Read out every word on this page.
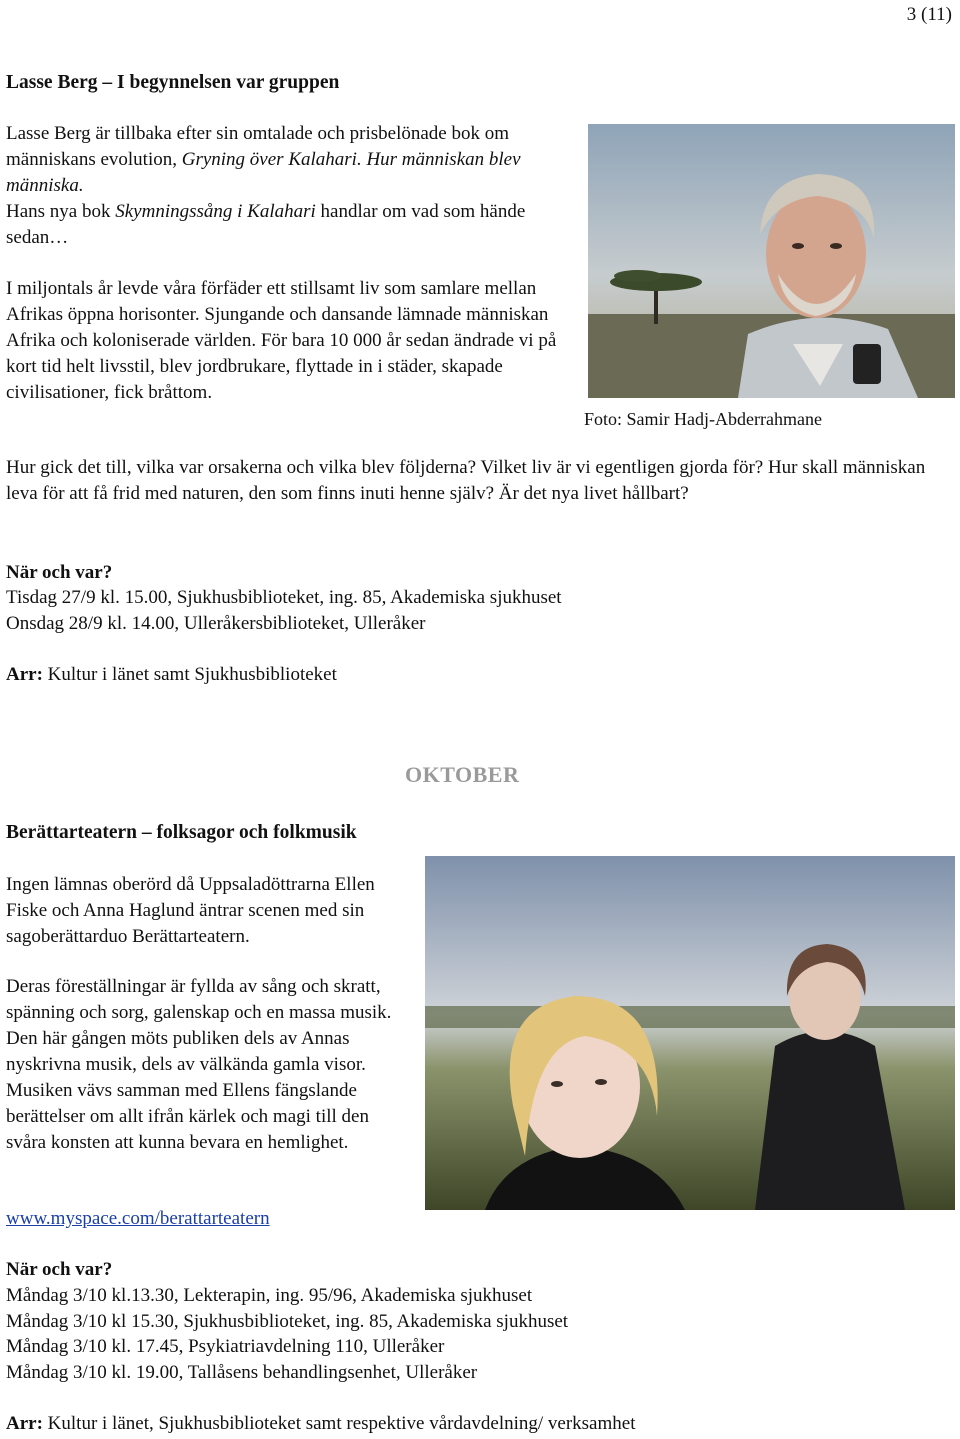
3 (11)
Lasse Berg – I begynnelsen var gruppen

Lasse Berg är tillbaka efter sin omtalade och prisbelönade bok om människans evolution, Gryning över Kalahari. Hur människan blev människa.
Hans nya bok Skymningssång i Kalahari handlar om vad som hände sedan…

I miljontals år levde våra förfäder ett stillsamt liv som samlare mellan Afrikas öppna horisonter. Sjungande och dansande lämnade människan Afrika och koloniserade världen. För bara 10 000 år sedan ändrade vi på kort tid helt livsstil, blev jordbrukare, flyttade in i städer, skapade civilisationer, fick bråttom.

Foto: Samir Hadj-Abderrahmane

Hur gick det till, vilka var orsakerna och vilka blev följderna? Vilket liv är vi egentligen gjorda för? Hur skall människan leva för att få frid med naturen, den som finns inuti henne själv? Är det nya livet hållbart?

När och var?
Tisdag 27/9 kl. 15.00, Sjukhusbiblioteket, ing. 85, Akademiska sjukhuset
Onsdag 28/9 kl. 14.00, Ulleråkersbiblioteket, Ulleråker
Arr: Kultur i länet samt Sjukhusbiblioteket
OKTOBER
Berättarteatern – folksagor och folkmusik

Ingen lämnas oberörd då Uppsaladöttrarna Ellen Fiske och Anna Haglund äntrar scenen med sin sagoberättarduo Berättarteatern.

Deras föreställningar är fyllda av sång och skratt, spänning och sorg, galenskap och en massa musik. Den här gången möts publiken dels av Annas nyskrivna musik, dels av välkända gamla visor. Musiken vävs samman med Ellens fängslande berättelser om allt ifrån kärlek och magi till den svåra konsten att kunna bevara en hemlighet.

www.myspace.com/berattarteatern
När och var?
Måndag 3/10 kl.13.30, Lekterapin, ing. 95/96, Akademiska sjukhuset
Måndag 3/10 kl 15.30, Sjukhusbiblioteket, ing. 85, Akademiska sjukhuset
Måndag 3/10 kl. 17.45, Psykiatriavdelning 110, Ulleråker
Måndag 3/10 kl. 19.00, Tallåsens behandlingsenhet, Ulleråker
Arr: Kultur i länet, Sjukhusbiblioteket samt respektive vårdavdelning/ verksamhet
